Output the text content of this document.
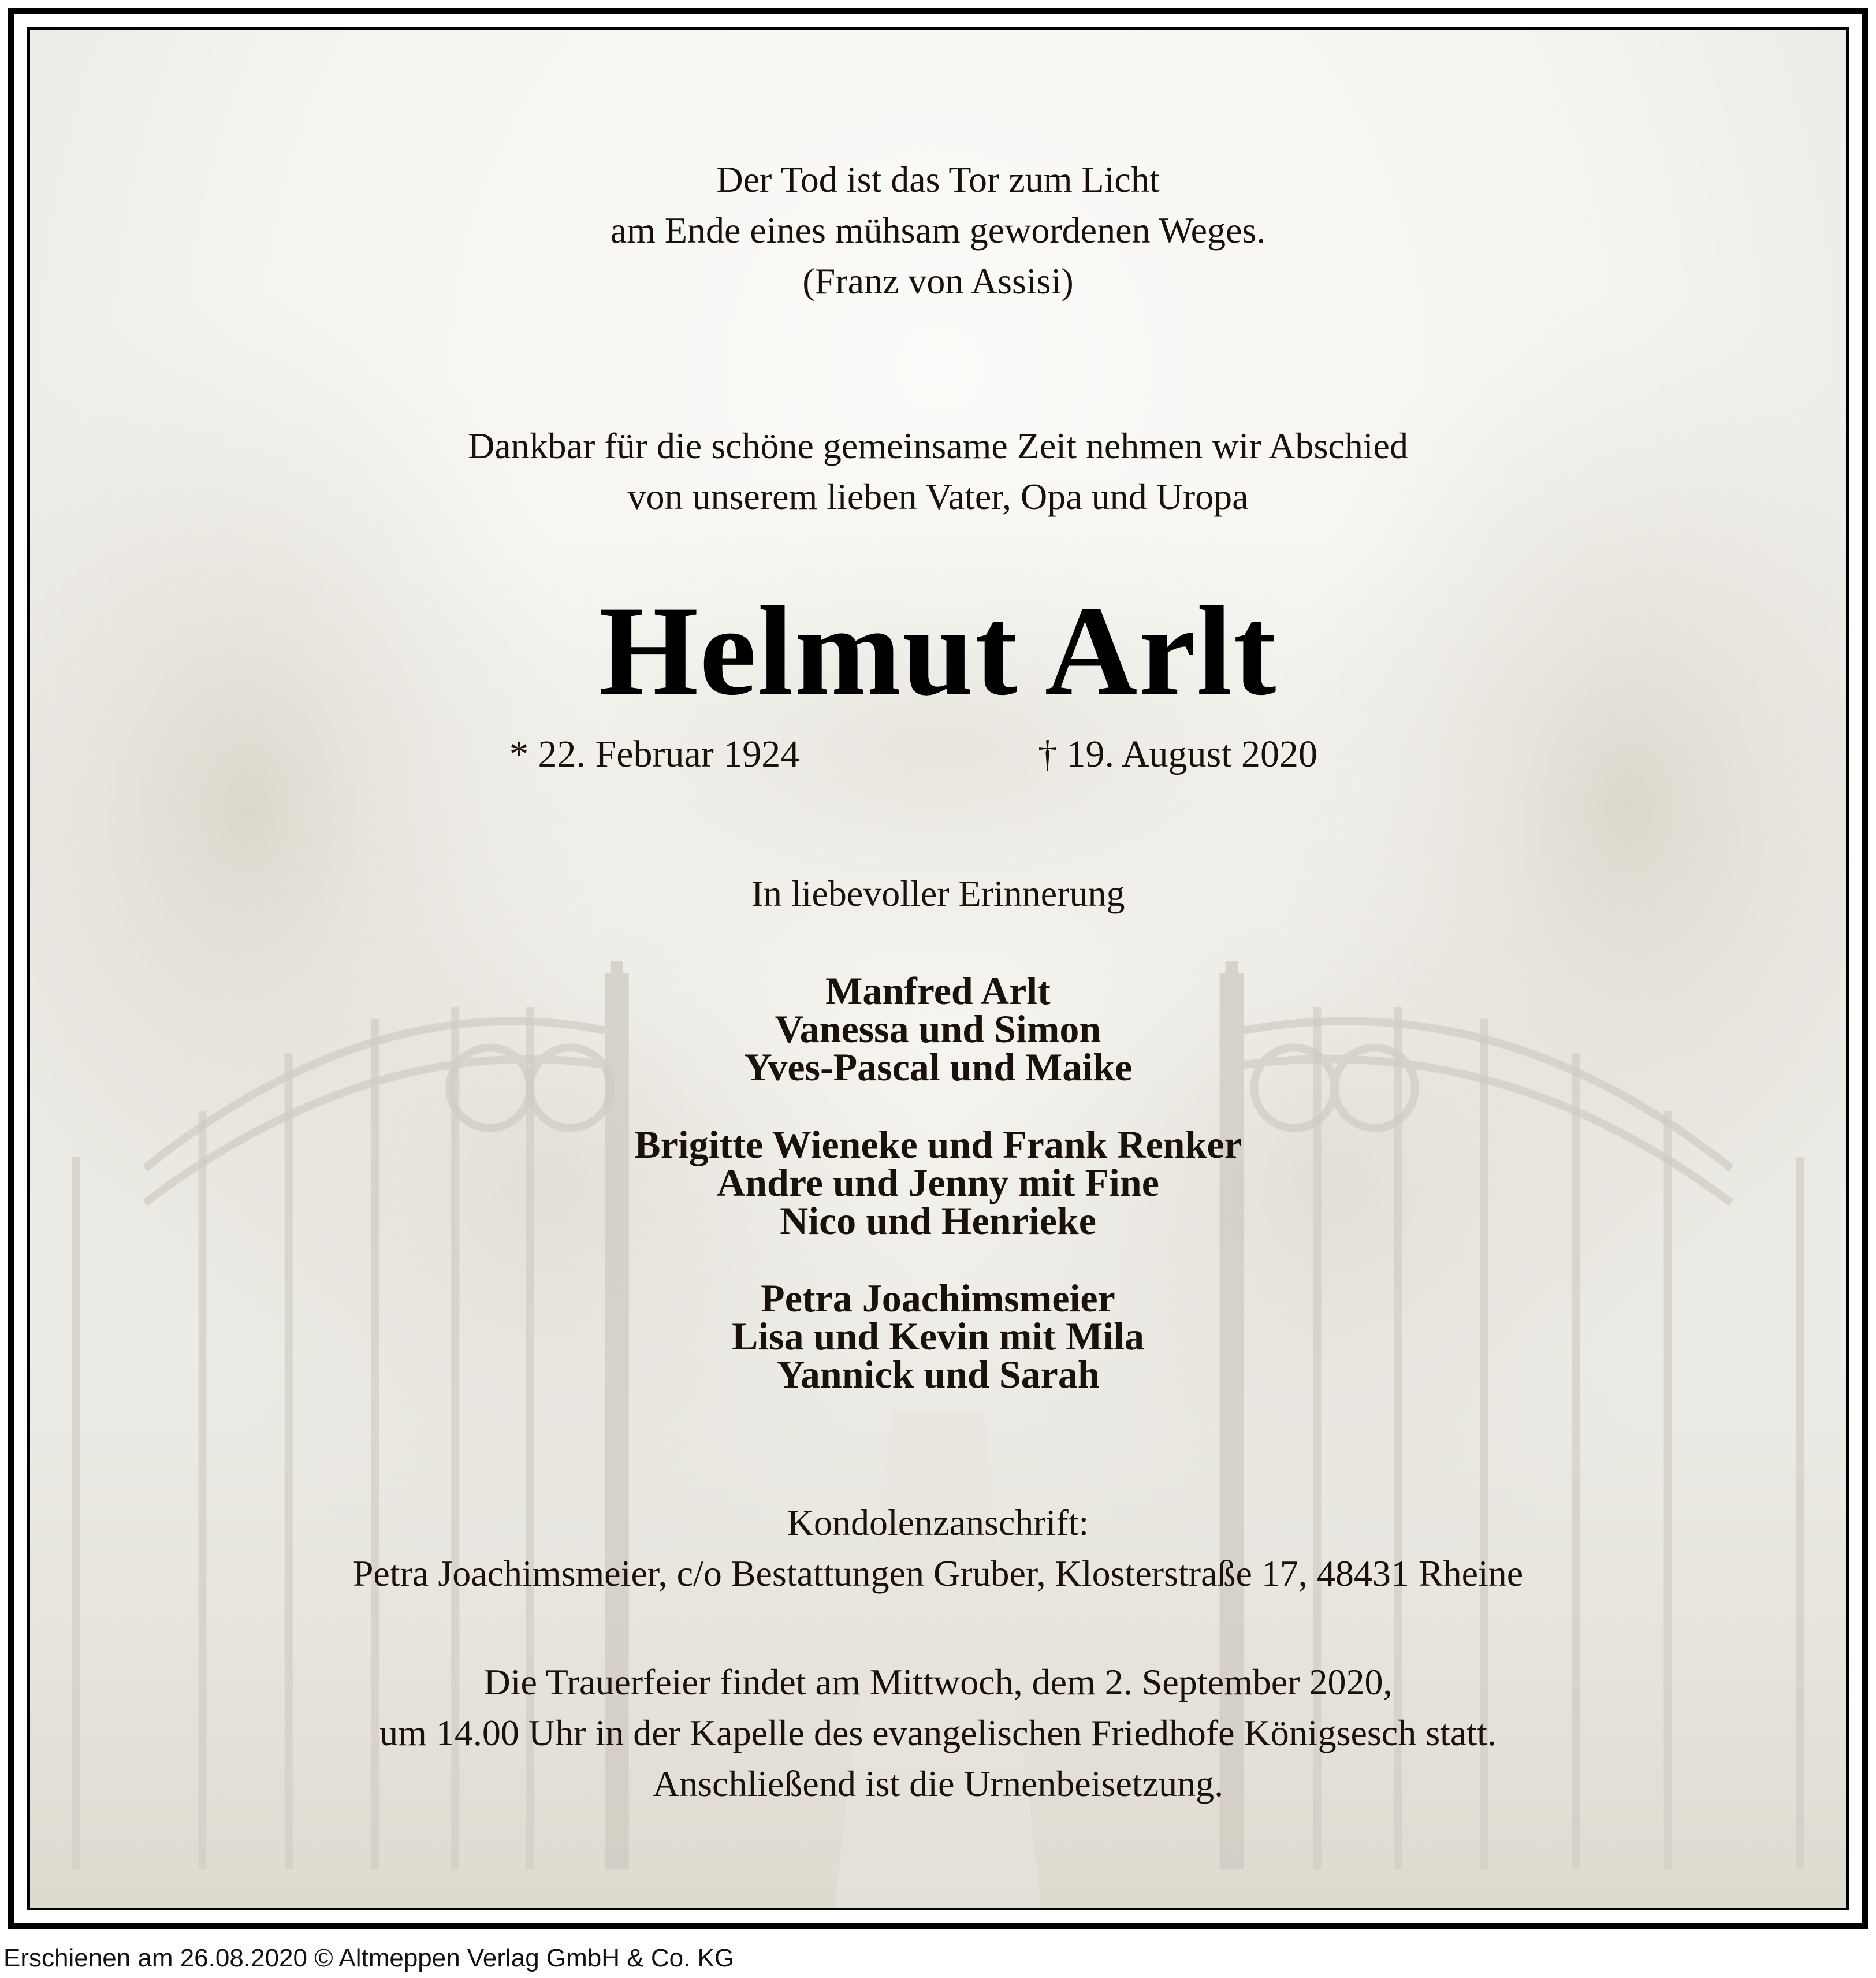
Der Tod ist das Tor zum Licht
am Ende eines mühsam gewordenen Weges.
(Franz von Assisi)
Dankbar für die schöne gemeinsame Zeit nehmen wir Abschied
von unserem lieben Vater, Opa und Uropa
Helmut Arlt
* 22. Februar 1924	† 19. August 2020
In liebevoller Erinnerung
Manfred Arlt
Vanessa und Simon
Yves-Pascal und Maike
Brigitte Wieneke und Frank Renker
Andre und Jenny mit Fine
Nico und Henrieke
Petra Joachimsmeier
Lisa und Kevin mit Mila
Yannick und Sarah
Kondolenzanschrift:
Petra Joachimsmeier, c/o Bestattungen Gruber, Klosterstraße 17, 48431 Rheine
Die Trauerfeier findet am Mittwoch, dem 2. September 2020,
um 14.00 Uhr in der Kapelle des evangelischen Friedhofe Königsesch statt.
Anschließend ist die Urnenbeisetzung.
Erschienen am 26.08.2020 © Altmeppen Verlag GmbH & Co. KG
